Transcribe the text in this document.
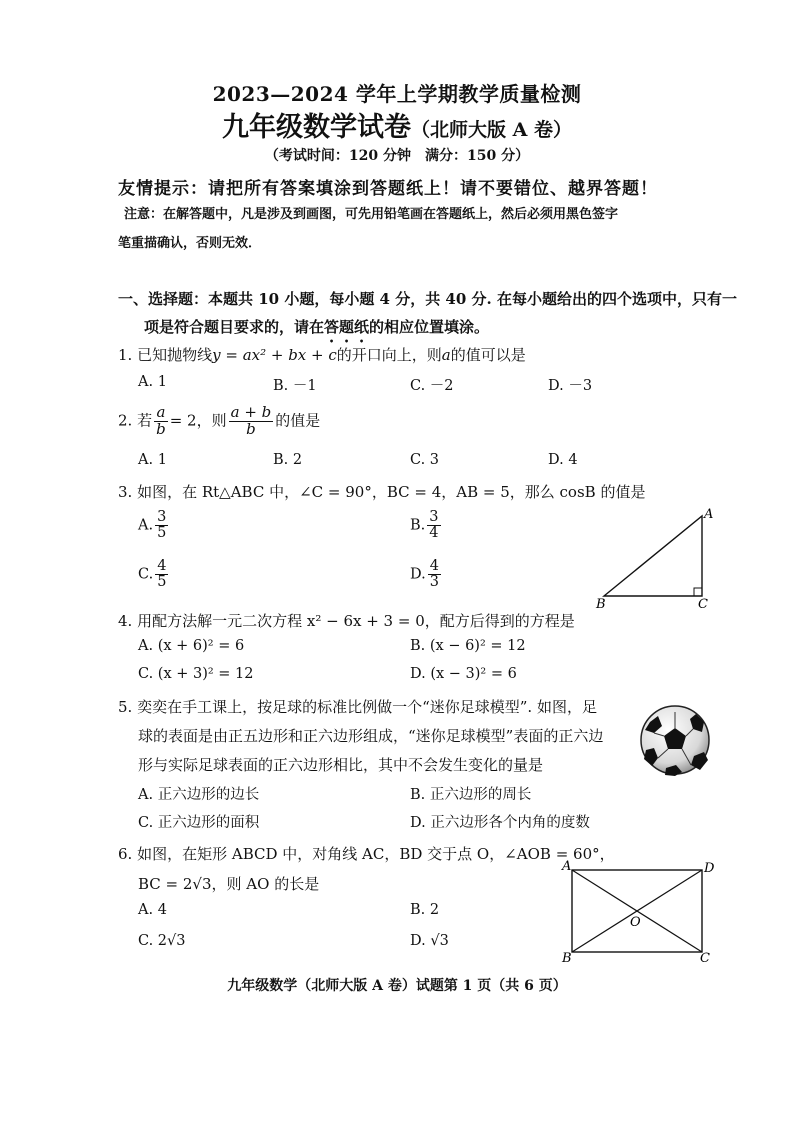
2023—2024 学年上学期教学质量检测
九年级数学试卷（北师大版 A 卷）
（考试时间：120 分钟　满分：150 分）
友情提示：请把所有答案填涂到答题纸上！请不要错位、越界答题！
注意：在解答题中，凡是涉及到画图，可先用铅笔画在答题纸上，然后必须用黑色签字
笔重描确认，否则无效．
一、选择题：本题共 10 小题，每小题 4 分，共 40 分. 在每小题给出的四个选项中，只有一
项是符合题目要求的，请在答题纸的相应位置填涂。
1. 已知抛物线y = ax² + bx + c的开口向上，则a的值可以是
A. 1	B. －1	C. －2	D. －3
2. 若 $\frac{a}{b} = 2$，则 $\frac{a + b}{b}$ 的值是
A. 1	B. 2	C. 3	D. 4
3. 如图，在 Rt△ABC 中，∠C = 90°，BC = 4，AB = 5，那么 cosB 的值是
A. $\frac{3}{5}$	B. $\frac{3}{4}$
C. $\frac{4}{5}$	D. $\frac{4}{3}$
A
B	C
4. 用配方法解一元二次方程 x² − 6x + 3 = 0，配方后得到的方程是
A. (x + 6)² = 6	B. (x − 6)² = 12
C. (x + 3)² = 12	D. (x − 3)² = 6
5. 奕奕在手工课上，按足球的标准比例做一个“迷你足球模型”. 如图，足
球的表面是由正五边形和正六边形组成，“迷你足球模型”表面的正六边
形与实际足球表面的正六边形相比，其中不会发生变化的量是
A. 正六边形的边长	B. 正六边形的周长
C. 正六边形的面积	D. 正六边形各个内角的度数
6. 如图，在矩形 ABCD 中，对角线 AC，BD 交于点 O，∠AOB = 60°，
BC = 2√3，则 AO 的长是
A. 4	B. 2
C. 2√3	D. √3
A	D
O
B	C
九年级数学（北师大版 A 卷）试题第 1 页（共 6 页）
